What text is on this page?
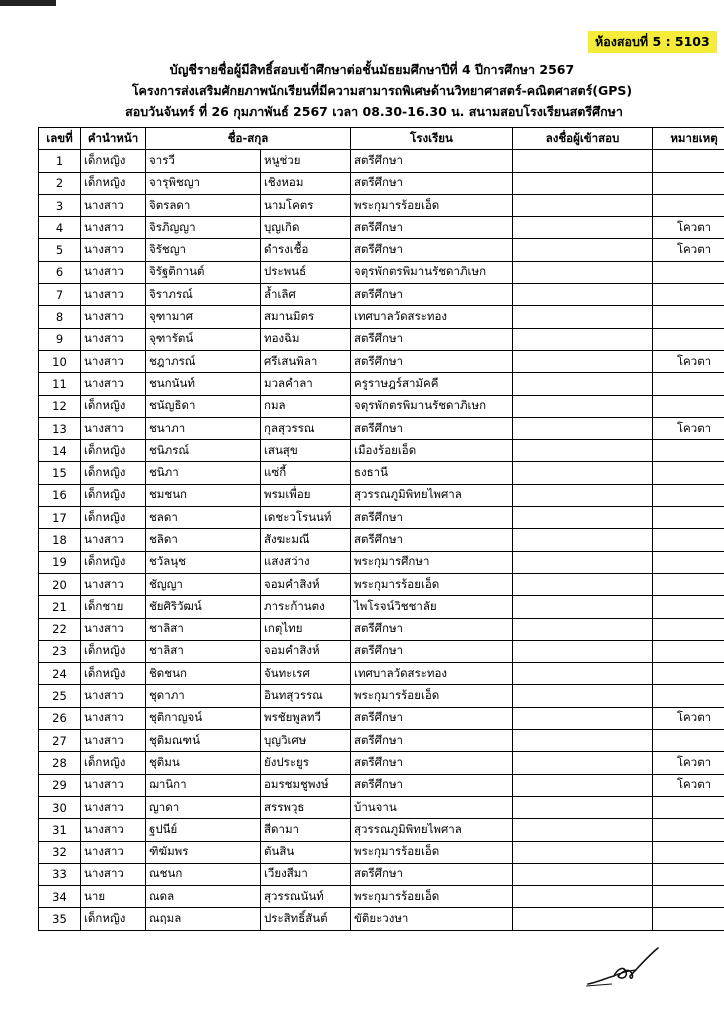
ห้องสอบที่ 5 : 5103
บัญชีรายชื่อผู้มีสิทธิ์สอบเข้าศึกษาต่อชั้นมัธยมศึกษาปีที่ 4 ปีการศึกษา 2567
โครงการส่งเสริมศักยภาพนักเรียนที่มีความสามารถพิเศษด้านวิทยาศาสตร์-คณิตศาสตร์(GPS)
สอบวันจันทร์ ที่ 26 กุมภาพันธ์ 2567 เวลา 08.30-16.30 น. สนามสอบโรงเรียนสตรีศึกษา
เลขที่	คำนำหน้า	ชื่อ-สกุล		โรงเรียน	ลงชื่อผู้เข้าสอบ	หมายเหตุ
1	เด็กหญิง	จารวี	หนูช่วย	สตรีศึกษา		
2	เด็กหญิง	จารุพิชญา	เชิงหอม	สตรีศึกษา		
3	นางสาว	จิตรลดา	นามโคตร	พระกุมารร้อยเอ็ด		
4	นางสาว	จิรภิญญา	บุญเกิด	สตรีศึกษา		โควตา
5	นางสาว	จิรัชญา	ดำรงเชื้อ	สตรีศึกษา		โควตา
6	นางสาว	จิรัฐติกานต์	ประพนธ์	จตุรพักตรพิมานรัชดาภิเษก		
7	นางสาว	จิราภรณ์	ล้ำเลิศ	สตรีศึกษา		
8	นางสาว	จุฑามาศ	สมานมิตร	เทศบาลวัดสระทอง		
9	นางสาว	จุฑารัตน์	ทองฉิม	สตรีศึกษา		
10	นางสาว	ชฎาภรณ์	ศรีเสนพิลา	สตรีศึกษา		โควตา
11	นางสาว	ชนกนันท์	มวลคำลา	ครูราษฎร์สามัคคี		
12	เด็กหญิง	ชนัญธิดา	กมล	จตุรพักตรพิมานรัชดาภิเษก		
13	นางสาว	ชนาภา	กุลสุวรรณ	สตรีศึกษา		โควตา
14	เด็กหญิง	ชนิภรณ์	เสนสุข	เมืองร้อยเอ็ด		
15	เด็กหญิง	ชนิภา	แซ่กี้	ธงธานี		
16	เด็กหญิง	ชมชนก	พรมเพื่อย	สุวรรณภูมิพิทยไพศาล		
17	เด็กหญิง	ชลดา	เดชะวโรนนท์	สตรีศึกษา		
18	นางสาว	ชลิดา	สังฆะมณี	สตรีศึกษา		
19	เด็กหญิง	ชวัลนุช	แสงสว่าง	พระกุมารศึกษา		
20	นางสาว	ชัญญา	จอมคำสิงห์	พระกุมารร้อยเอ็ด		
21	เด็กชาย	ชัยศิริวัฒน์	ภาระก้านตง	ไพโรจน์วิชชาลัย		
22	นางสาว	ชาลิสา	เกตุไทย	สตรีศึกษา		
23	เด็กหญิง	ชาลิสา	จอมคำสิงห์	สตรีศึกษา		
24	เด็กหญิง	ชิดชนก	จันทะเรศ	เทศบาลวัดสระทอง		
25	นางสาว	ชุดาภา	อินทสุวรรณ	พระกุมารร้อยเอ็ด		
26	นางสาว	ชุติกาญจน์	พรชัยพูลทวี	สตรีศึกษา		โควตา
27	นางสาว	ชุติมณฑน์	บุญวิเศษ	สตรีศึกษา		
28	เด็กหญิง	ชุติมน	ยังประยูร	สตรีศึกษา		โควตา
29	นางสาว	ฌานิกา	อมรชมชูพงษ์	สตรีศึกษา		โควตา
30	นางสาว	ญาดา	สรรพวุธ	บ้านจาน		
31	นางสาว	ฐปนีย์	สีดามา	สุวรรณภูมิพิทยไพศาล		
32	นางสาว	ฑิฆัมพร	ตันสิน	พระกุมารร้อยเอ็ด		
33	นางสาว	ณชนก	เวียงสีมา	สตรีศึกษา		
34	นาย	ณดล	สุวรรณนันท์	พระกุมารร้อยเอ็ด		
35	เด็กหญิง	ณฤมล	ประสิทธิ์สันต์	ขัติยะวงษา		
